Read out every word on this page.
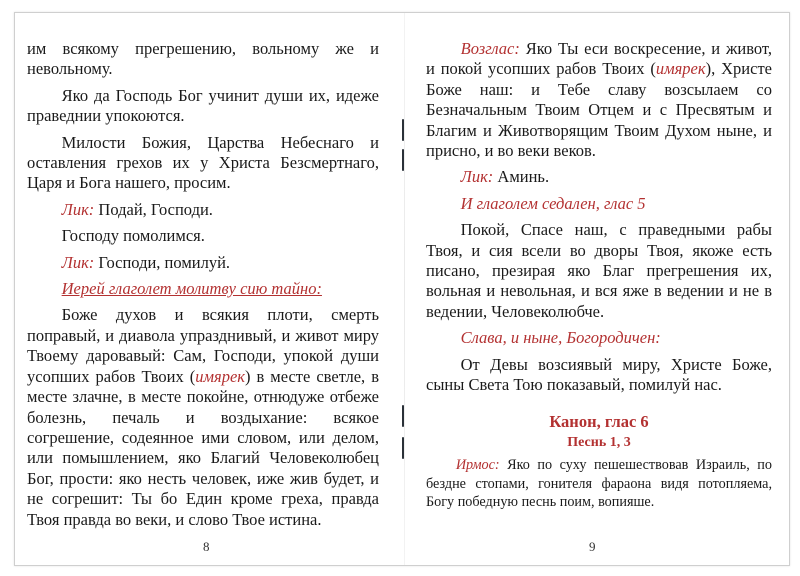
им всякому прегрешению, вольному же и невольному.

Яко да Господь Бог учинит души их, идеже праведнии упокоются.

Милости Божия, Царства Небеснаго и оставления грехов их у Христа Безсмертнаго, Царя и Бога нашего, просим.

Лик: Подай, Господи.

Господу помолимся.

Лик: Господи, помилуй.

Иерей глаголет молитву сию тайно:

Боже духов и всякия плоти, смерть поправый, и диавола упразднивый, и живот миру Твоему даровавый: Сам, Господи, упокой души усопших рабов Твоих (имярек) в месте светле, в месте злачне, в месте покойне, отнюдуже отбеже болезнь, печаль и воздыхание: всякое согрешение, содеянное ими словом, или делом, или помышлением, яко Благий Человеколюбец Бог, прости: яко несть человек, иже жив будет, и не согрешит: Ты бо Един кроме греха, правда Твоя правда во веки, и слово Твое истина.

8

Возглас: Яко Ты еси воскресение, и живот, и покой усопших рабов Твоих (имярек), Христе Боже наш: и Тебе славу возсылаем со Безначальным Твоим Отцем и с Пресвятым и Благим и Животворящим Твоим Духом ныне, и присно, и во веки веков.

Лик: Аминь.

И глаголем седален, глас 5

Покой, Спасе наш, с праведными рабы Твоя, и сия всели во дворы Твоя, якоже есть писано, презирая яко Благ прегрешения их, вольная и невольная, и вся яже в ведении и не в ведении, Человеколюбче.

Слава, и ныне, Богородичен:

От Девы возсиявый миру, Христе Боже, сыны Света Тою показавый, помилуй нас.

Канон, глас 6

Песнь 1, 3

Ирмос: Яко по суху пешешествовав Израиль, по бездне стопами, гонителя фараона видя потопляема, Богу победную песнь поим, вопияше.

9
